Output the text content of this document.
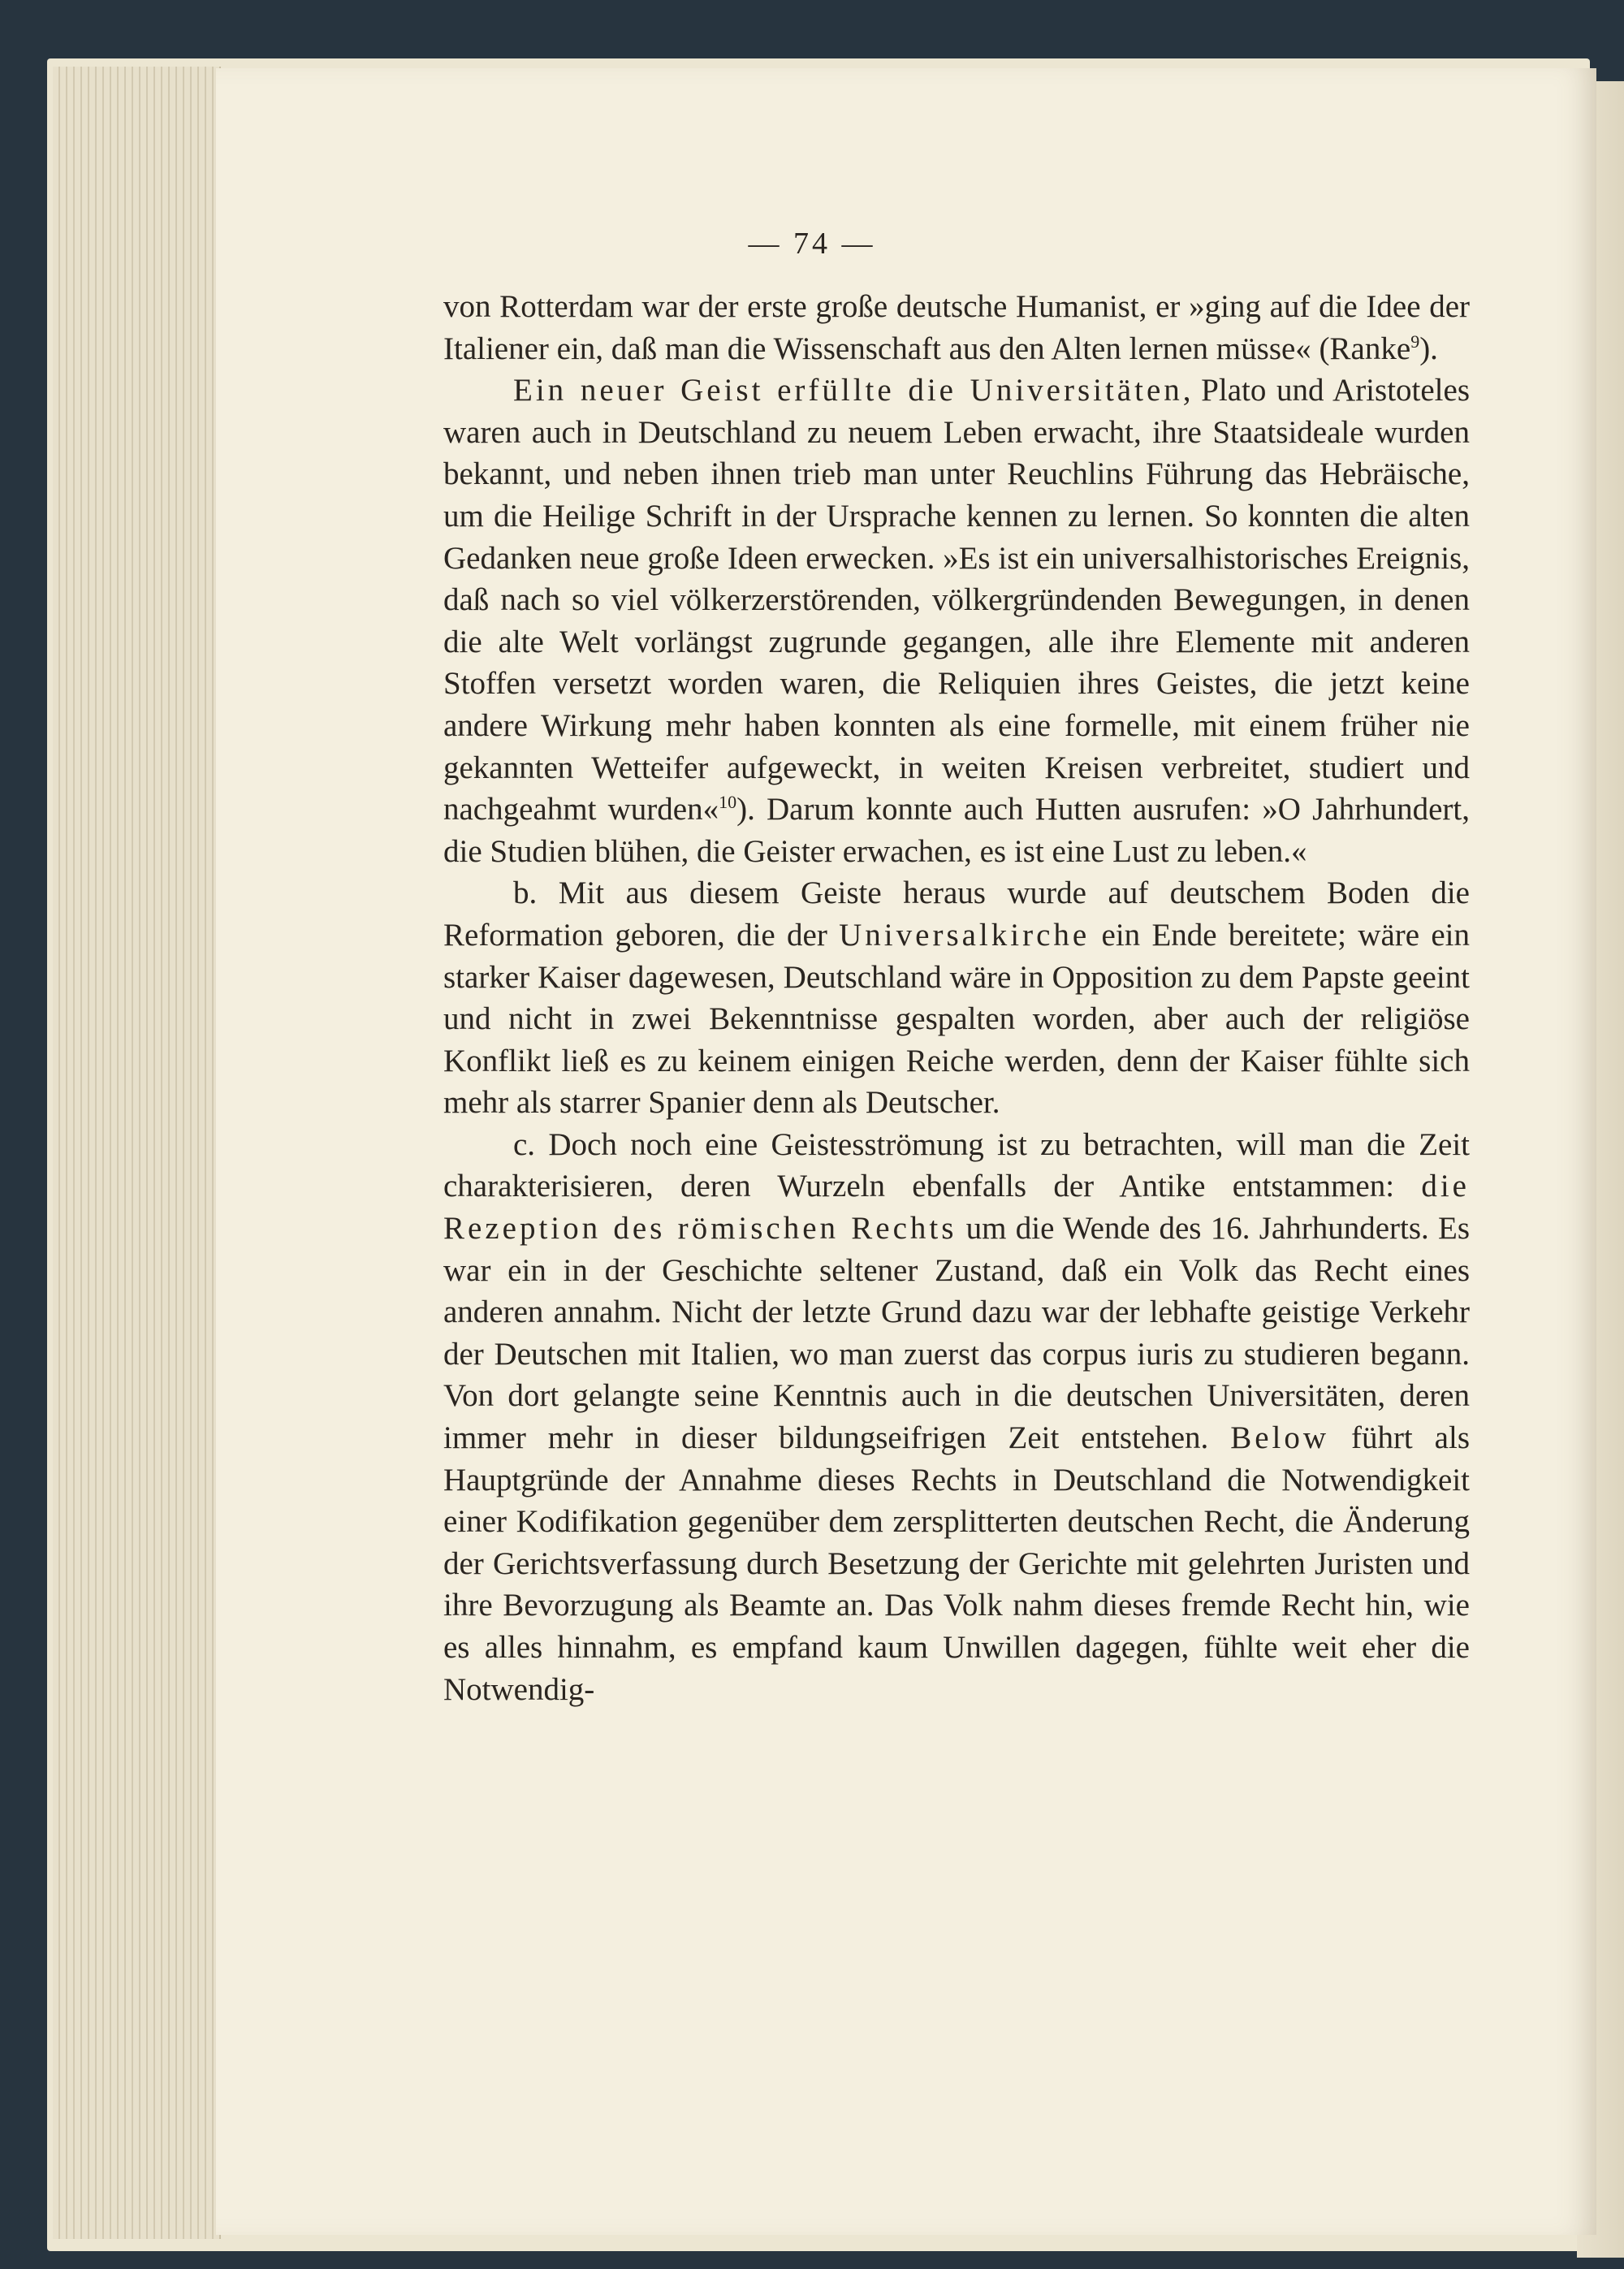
— 74 —

von Rotterdam war der erste große deutsche Humanist, er »ging auf die Idee der Italiener ein, daß man die Wissenschaft aus den Alten lernen müsse« (Ranke$^9$).

Ein neuer Geist erfüllte die Universitäten, Plato und Aristoteles waren auch in Deutschland zu neuem Leben erwacht, ihre Staatsideale wurden bekannt, und neben ihnen trieb man unter Reuchlins Führung das Hebräische, um die Heilige Schrift in der Ursprache kennen zu lernen. So konnten die alten Gedanken neue große Ideen erwecken. »Es ist ein universalhistorisches Ereignis, daß nach so viel völkerzerstörenden, völkergründenden Bewegungen, in denen die alte Welt vorlängst zugrunde gegangen, alle ihre Elemente mit anderen Stoffen versetzt worden waren, die Reliquien ihres Geistes, die jetzt keine andere Wirkung mehr haben konnten als eine formelle, mit einem früher nie gekannten Wetteifer aufgeweckt, in weiten Kreisen verbreitet, studiert und nachgeahmt wurden«$^{10}$). Darum konnte auch Hutten ausrufen: »O Jahrhundert, die Studien blühen, die Geister erwachen, es ist eine Lust zu leben.«

b. Mit aus diesem Geiste heraus wurde auf deutschem Boden die Reformation geboren, die der Universalkirche ein Ende bereitete; wäre ein starker Kaiser dagewesen, Deutschland wäre in Opposition zu dem Papste geeint und nicht in zwei Bekenntnisse gespalten worden, aber auch der religiöse Konflikt ließ es zu keinem einigen Reiche werden, denn der Kaiser fühlte sich mehr als starrer Spanier denn als Deutscher.

c. Doch noch eine Geistesströmung ist zu betrachten, will man die Zeit charakterisieren, deren Wurzeln ebenfalls der Antike entstammen: die Rezeption des römischen Rechts um die Wende des 16. Jahrhunderts. Es war ein in der Geschichte seltener Zustand, daß ein Volk das Recht eines anderen annahm. Nicht der letzte Grund dazu war der lebhafte geistige Verkehr der Deutschen mit Italien, wo man zuerst das corpus iuris zu studieren begann. Von dort gelangte seine Kenntnis auch in die deutschen Universitäten, deren immer mehr in dieser bildungseifrigen Zeit entstehen. Below führt als Hauptgründe der Annahme dieses Rechts in Deutschland die Notwendigkeit einer Kodifikation gegenüber dem zersplitterten deutschen Recht, die Änderung der Gerichtsverfassung durch Besetzung der Gerichte mit gelehrten Juristen und ihre Bevorzugung als Beamte an. Das Volk nahm dieses fremde Recht hin, wie es alles hinnahm, es empfand kaum Unwillen dagegen, fühlte weit eher die Notwendig-
